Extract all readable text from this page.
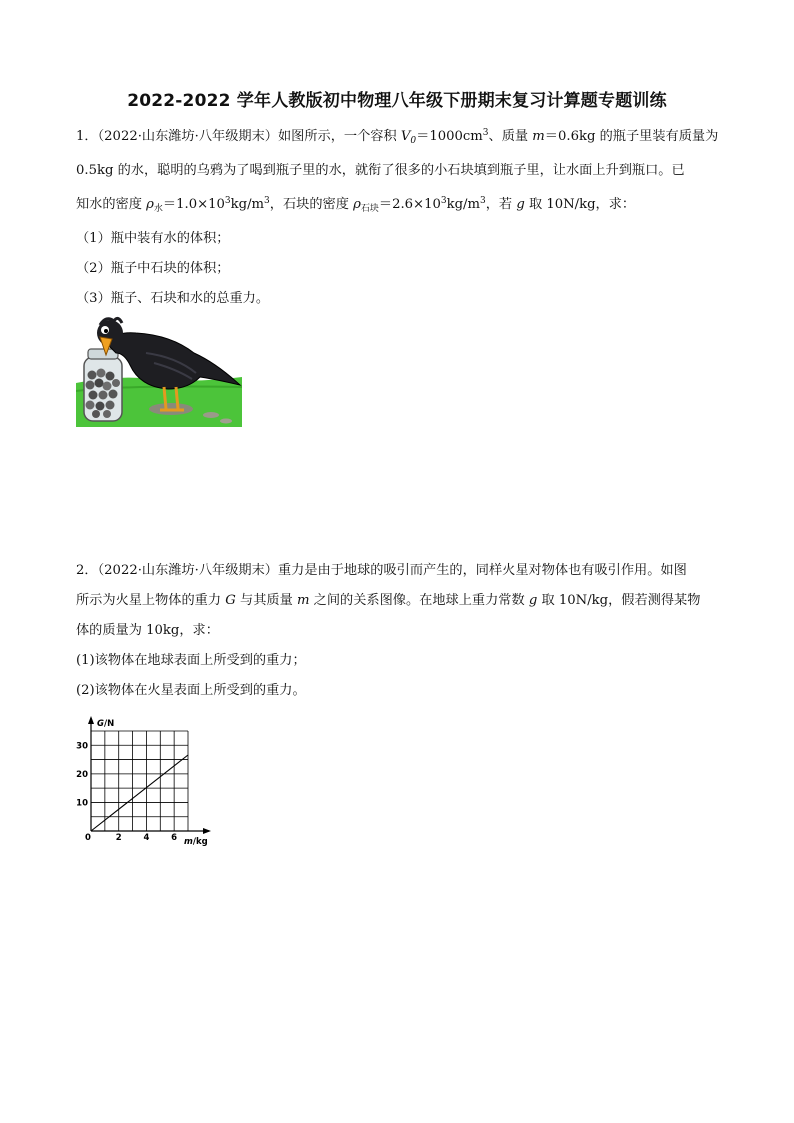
2022-2022 学年人教版初中物理八年级下册期末复习计算题专题训练
1．（2022·山东潍坊·八年级期末）如图所示，一个容积 $V_0=1000cm^3$、质量 m＝0.6kg 的瓶子里装有质量为
0.5kg 的水，聪明的乌鸦为了喝到瓶子里的水，就衔了很多的小石块填到瓶子里，让水面上升到瓶口。已
知水的密度 $\rho_水=1.0\times 10^3kg/m^3$，石块的密度 $\rho_{石块}=2.6\times 10^3kg/m^3$，若 g 取 10N/kg，求：
（1）瓶中装有水的体积；
（2）瓶子中石块的体积；
（3）瓶子、石块和水的总重力。
2．（2022·山东潍坊·八年级期末）重力是由于地球的吸引而产生的，同样火星对物体也有吸引作用。如图
所示为火星上物体的重力 G 与其质量 m 之间的关系图像。在地球上重力常数 g 取 10N/kg，假若测得某物
体的质量为 10kg，求：
(1)该物体在地球表面上所受到的重力；
(2)该物体在火星表面上所受到的重力。
G/N
m/kg
0	2	4	6
10
20
30
